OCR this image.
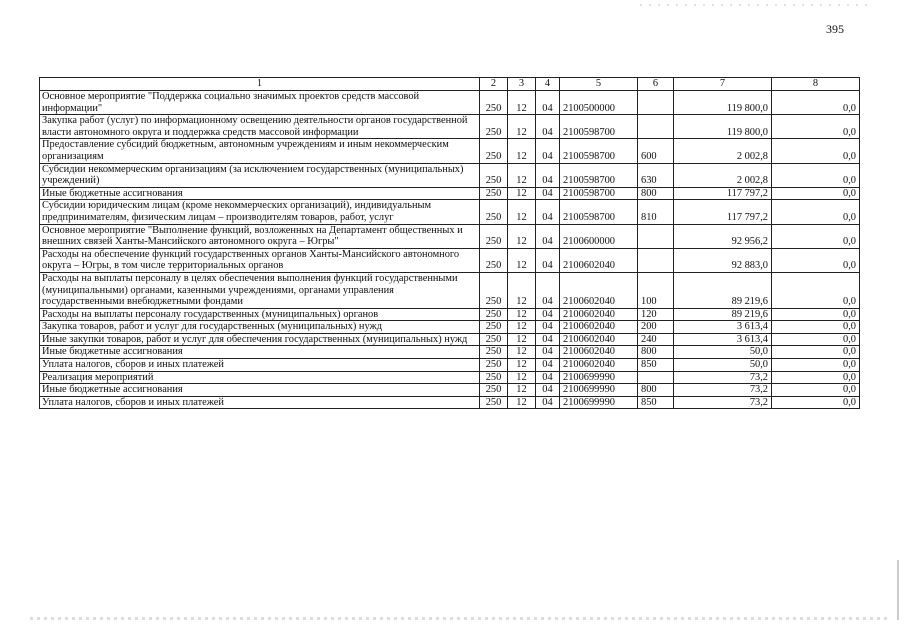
395
1	2	3	4	5	6	7	8
Основное мероприятие "Поддержка социально значимых проектов средств массовой информации"	250	12	04	2100500000		119 800,0	0,0
Закупка работ (услуг) по информационному освещению деятельности органов государственной власти автономного округа и поддержка средств массовой информации	250	12	04	2100598700		119 800,0	0,0
Предоставление субсидий бюджетным, автономным учреждениям и иным некоммерческим организациям	250	12	04	2100598700	600	2 002,8	0,0
Субсидии некоммерческим организациям (за исключением государственных (муниципальных) учреждений)	250	12	04	2100598700	630	2 002,8	0,0
Иные бюджетные ассигнования	250	12	04	2100598700	800	117 797,2	0,0
Субсидии юридическим лицам (кроме некоммерческих организаций), индивидуальным предпринимателям, физическим лицам – производителям товаров, работ, услуг	250	12	04	2100598700	810	117 797,2	0,0
Основное мероприятие "Выполнение функций, возложенных на Департамент общественных и внешних связей Ханты-Мансийского автономного округа – Югры"	250	12	04	2100600000		92 956,2	0,0
Расходы на обеспечение функций государственных органов Ханты-Мансийского автономного округа – Югры, в том числе территориальных органов	250	12	04	2100602040		92 883,0	0,0
Расходы на выплаты персоналу в целях обеспечения выполнения функций государственными (муниципальными) органами, казенными учреждениями, органами управления государственными внебюджетными фондами	250	12	04	2100602040	100	89 219,6	0,0
Расходы на выплаты персоналу государственных (муниципальных) органов	250	12	04	2100602040	120	89 219,6	0,0
Закупка товаров, работ и услуг для государственных (муниципальных) нужд	250	12	04	2100602040	200	3 613,4	0,0
Иные закупки товаров, работ и услуг для обеспечения государственных (муниципальных) нужд	250	12	04	2100602040	240	3 613,4	0,0
Иные бюджетные ассигнования	250	12	04	2100602040	800	50,0	0,0
Уплата налогов, сборов и иных платежей	250	12	04	2100602040	850	50,0	0,0
Реализация мероприятий	250	12	04	2100699990		73,2	0,0
Иные бюджетные ассигнования	250	12	04	2100699990	800	73,2	0,0
Уплата налогов, сборов и иных платежей	250	12	04	2100699990	850	73,2	0,0
